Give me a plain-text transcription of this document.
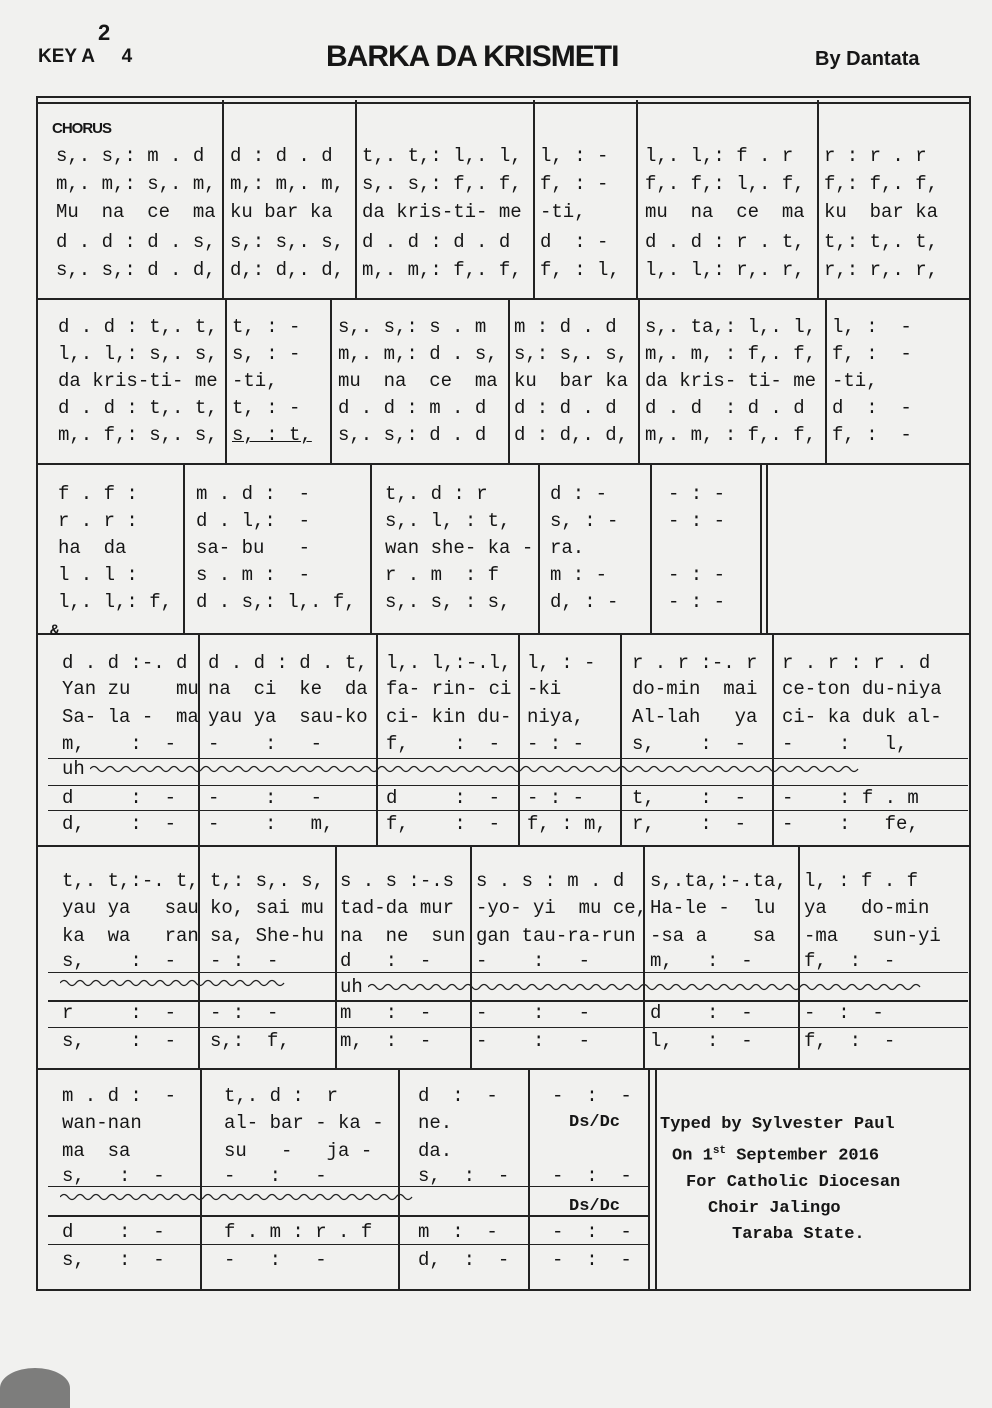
KEY A
2
4	BARKA DA KRISMETI	By Dantata
CHORUS
&
s,. s,: m . d
m,. m,: s,. m,
Mu  na  ce  ma
d . d : d . s,
s,. s,: d . d,
d : d . d
m,: m,. m,
ku bar ka
s,: s,. s,
d,: d,. d,
t,. t,: l,. l,
s,. s,: f,. f,
da kris-ti- me
d . d : d . d
m,. m,: f,. f,
l, : -
f, : -
-ti,
d  : -
f, : l,
l,. l,: f . r
f,. f,: l,. f,
mu  na  ce  ma
d . d : r . t,
l,. l,: r,. r,
r : r . r
f,: f,. f,
ku  bar ka
t,: t,. t,
r,: r,. r,
d . d : t,. t,
l,. l,: s,. s,
da kris-ti- me
d . d : t,. t,
m,. f,: s,. s,
t, : -
s, : -
-ti,
t, : -
s, : t,
s,. s,: s . m
m,. m,: d . s,
mu  na  ce  ma
d . d : m . d
s,. s,: d . d
m : d . d
s,: s,. s,
ku  bar ka
d : d . d
d : d,. d,
s,. ta,: l,. l,
m,. m, : f,. f,
da kris- ti- me
d . d  : d . d
m,. m, : f,. f,
l, :  -
f, :  -
-ti,
d  :  -
f, :  -
f . f :
r . r :
ha  da
l . l :
l,. l,: f,
m . d :  -
d . l,:  -
sa- bu   -
s . m :  -
d . s,: l,. f,
t,. d : r
s,. l, : t,
wan she- ka -
r . m  : f
s,. s, : s,
d : -
s, : -
ra.
m : -
d, : -
- : -
- : -
- : -
- : -
d . d :-. d
Yan zu    mu
Sa- la -  ma
m,    :  -
d . d : d . t,
na  ci  ke  da
yau ya  sau-ko
-    :   -
l,. l,:-.l,
fa- rin- ci
ci- kin du-
f,    :  -
l, : -
-ki
niya,
- : -
r . r :-. r
do-min  mai
Al-lah   ya
s,    :  -
r . r : r . d
ce-ton du-niya
ci- ka duk al-
-    :   l,
uh
d     :  -
d,    :  -
-    :   -
-    :   m,
d     :  -
f,    :  -
- : -
f, : m,
t,    :  -
r,    :  -
-    : f . m
-    :   fe,
t,. t,:-. t,
yau ya   sau
ka  wa   ran
s,    :  -
t,: s,. s,
ko, sai mu
sa, She-hu
- :  -
s . s :-.s
tad-da mur
na  ne  sun
d   :  -
s . s : m . d
-yo- yi  mu ce,
gan tau-ra-run
-    :   -
s,.ta,:-.ta,
Ha-le -  lu
-sa a    sa
m,   :  -
l, : f . f
ya   do-min
-ma   sun-yi
f,  :  -
uh
r     :  -
s,    :  -
- :  -
s,:  f,
m   :  -
m,  :  -
-    :   -
-    :   -
d    :  -
l,   :  -
-  :  -
f,  :  -
m . d :  -
wan-nan
ma  sa
s,   :  -
t,. d :  r
al- bar - ka -
su   -   ja -
-   :   -
d  :  -
ne.
da.
s,  :  -
-  :  -
Ds/Dc
-  :  -
Ds/Dc
d    :  -
s,   :  -
f . m : r . f
-   :   -
m  :  -
d,  :  -
-  :  -
-  :  -
Typed by Sylvester Paul
On 1st September 2016
For Catholic Diocesan
Choir Jalingo
Taraba State.
